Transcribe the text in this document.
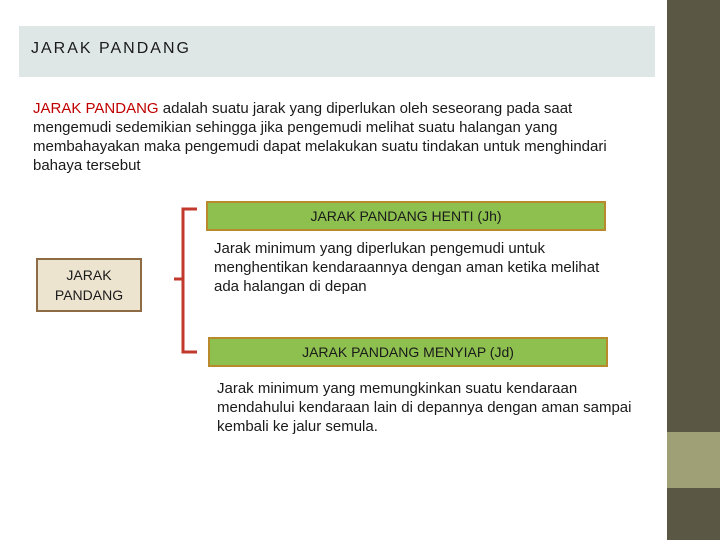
JARAK PANDANG
JARAK PANDANG adalah suatu jarak yang diperlukan oleh seseorang pada saat mengemudi sedemikian sehingga jika pengemudi melihat suatu halangan yang membahayakan maka pengemudi dapat melakukan suatu tindakan untuk menghindari bahaya tersebut
JARAK
PANDANG
JARAK PANDANG HENTI (Jh)
Jarak minimum yang diperlukan pengemudi untuk menghentikan kendaraannya dengan aman ketika melihat ada halangan di depan
JARAK PANDANG MENYIAP (Jd)
Jarak minimum yang memungkinkan suatu kendaraan mendahului kendaraan lain di depannya dengan aman sampai kembali ke jalur semula.
